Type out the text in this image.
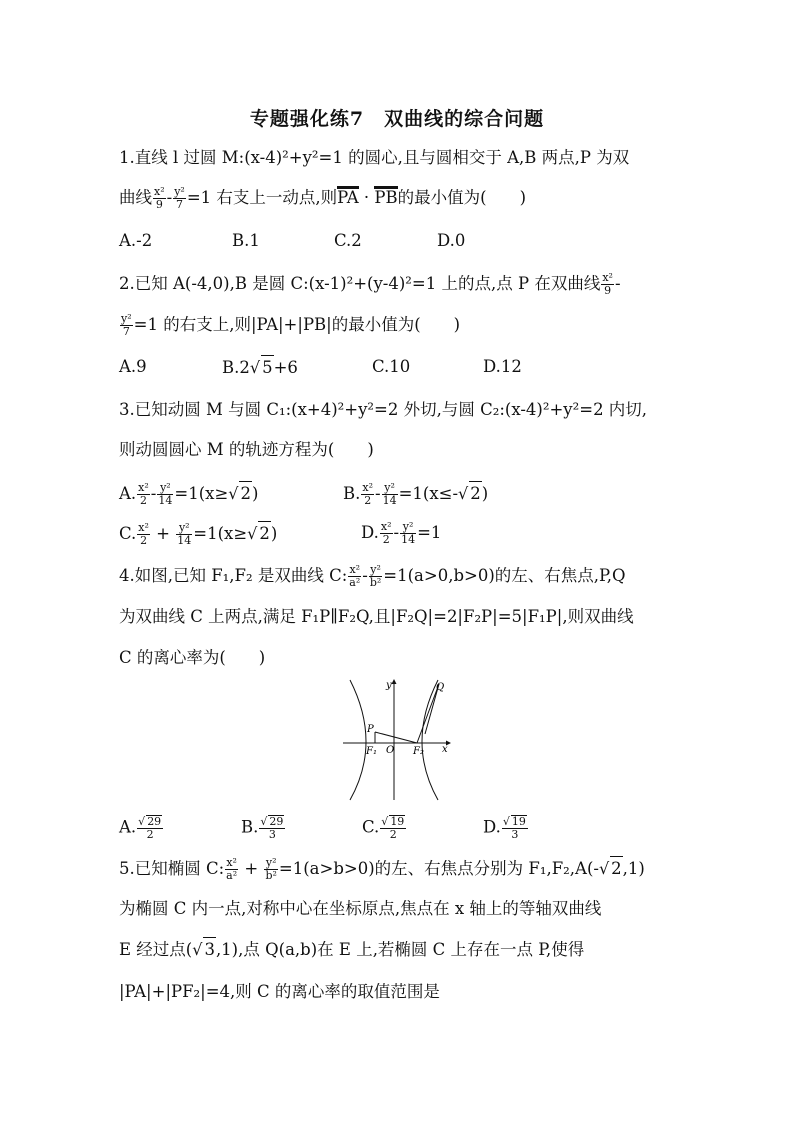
专题强化练7　双曲线的综合问题
1.直线 l 过圆 M:(x-4)²+y²=1 的圆心,且与圆相交于 A,B 两点,P 为双
曲线 $\frac{\text{x²}}{9} - \frac{\text{y²}}{7} =1$ 右支上一动点,则PA · PB的最小值为(　　)
A.-2	B.1	C.2	D.0
2.已知 A(-4,0),B 是圆 C:(x-1)²+(y-4)²=1 上的点,点 P 在双曲线 $\frac{\text{x²}}{9}$ -
$\frac{\text{y²}}{7} =1$ 的右支上,则|PA|+|PB|的最小值为(　　)
A.9	B.2√ 5+6	C.10	D.12
3.已知动圆 M 与圆 C₁:(x+4)²+y²=2 外切,与圆 C₂:(x-4)²+y²=2 内切,
则动圆圆心 M 的轨迹方程为(　　)
A. $\frac{\text{x²}}{2} - \frac{\text{y²}}{14} =1(x\ge√$ 2)	B. $\frac{\text{x²}}{2} - \frac{\text{y²}}{14} =1(x\le-√$ 2)
C. $\frac{\text{x²}}{2} + \frac{\text{y²}}{14} =1(x\ge√$ 2)	D. $\frac{\text{x²}}{2} - \frac{\text{y²}}{14} =1$
4.如图,已知 F₁,F₂ 是双曲线 C: $\frac{\text{x²}}{\text{a²}} - \frac{\text{y²}}{\text{b²}} =1(a>0,b>0)$的左、右焦点,P,Q
为双曲线 C 上两点,满足 F₁P∥F₂Q,且|F₂Q|=2|F₂P|=5|F₁P|,则双曲线
C 的离心率为(　　)
y
x
P
Q
O
F₁	F₂
A. $\frac{√ 29}{2}$	B. $\frac{√ 29}{3}$	C. $\frac{√ 19}{2}$	D. $\frac{√ 19}{3}$
5.已知椭圆 C: $\frac{\text{x²}}{\text{a²}} + \frac{\text{y²}}{\text{b²}} =1(a>b>0)$的左、右焦点分别为 F₁,F₂,A(-√ 2,1)
为椭圆 C 内一点,对称中心在坐标原点,焦点在 x 轴上的等轴双曲线
E 经过点(√ 3,1),点 Q(a,b)在 E 上,若椭圆 C 上存在一点 P,使得
|PA|+|PF₂|=4,则 C 的离心率的取值范围是
